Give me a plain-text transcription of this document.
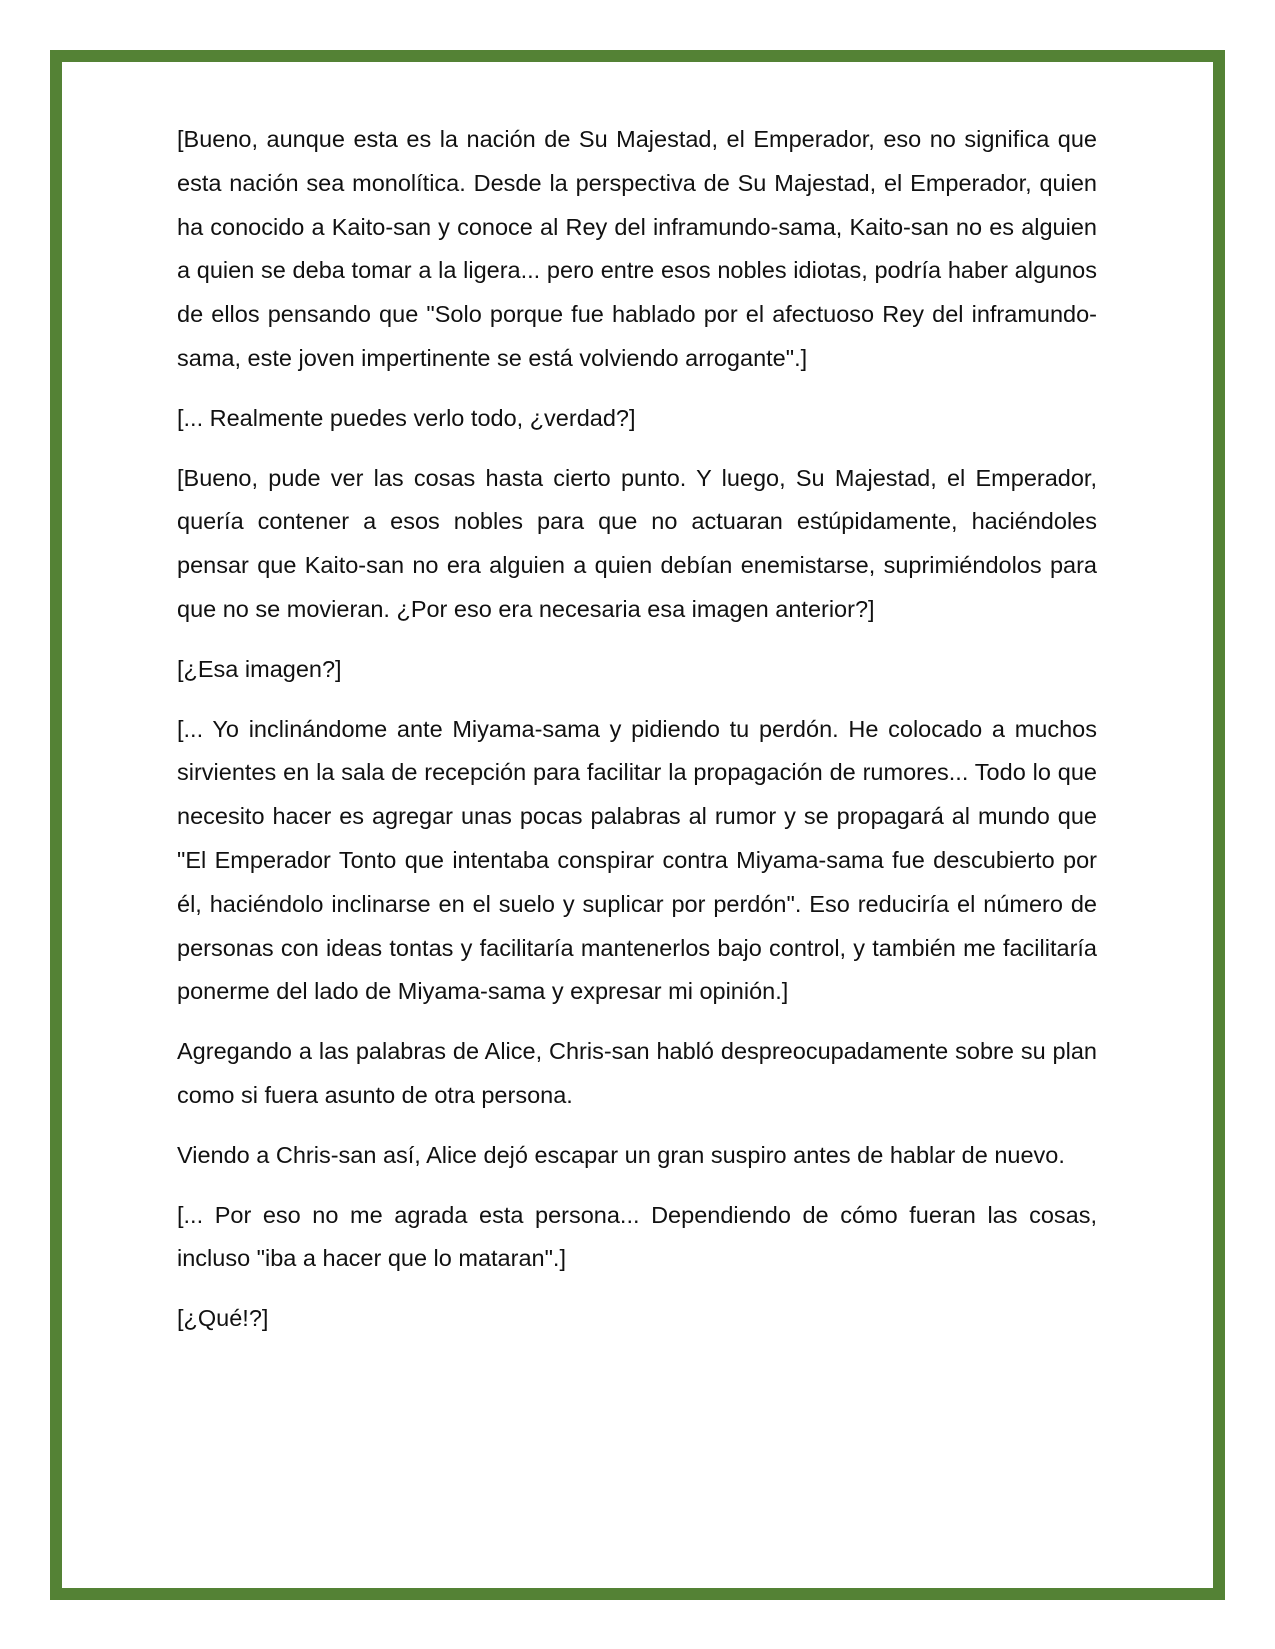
[Bueno, aunque esta es la nación de Su Majestad, el Emperador, eso no significa que esta nación sea monolítica. Desde la perspectiva de Su Majestad, el Emperador, quien ha conocido a Kaito-san y conoce al Rey del inframundo-sama, Kaito-san no es alguien a quien se deba tomar a la ligera... pero entre esos nobles idiotas, podría haber algunos de ellos pensando que "Solo porque fue hablado por el afectuoso Rey del inframundo-sama, este joven impertinente se está volviendo arrogante".]

[... Realmente puedes verlo todo, ¿verdad?]

[Bueno, pude ver las cosas hasta cierto punto. Y luego, Su Majestad, el Emperador, quería contener a esos nobles para que no actuaran estúpidamente, haciéndoles pensar que Kaito-san no era alguien a quien debían enemistarse, suprimiéndolos para que no se movieran. ¿Por eso era necesaria esa imagen anterior?]

[¿Esa imagen?]

[... Yo inclinándome ante Miyama-sama y pidiendo tu perdón. He colocado a muchos sirvientes en la sala de recepción para facilitar la propagación de rumores... Todo lo que necesito hacer es agregar unas pocas palabras al rumor y se propagará al mundo que "El Emperador Tonto que intentaba conspirar contra Miyama-sama fue descubierto por él, haciéndolo inclinarse en el suelo y suplicar por perdón". Eso reduciría el número de personas con ideas tontas y facilitaría mantenerlos bajo control, y también me facilitaría ponerme del lado de Miyama-sama y expresar mi opinión.]

Agregando a las palabras de Alice, Chris-san habló despreocupadamente sobre su plan como si fuera asunto de otra persona.

Viendo a Chris-san así, Alice dejó escapar un gran suspiro antes de hablar de nuevo.

[... Por eso no me agrada esta persona... Dependiendo de cómo fueran las cosas, incluso "iba a hacer que lo mataran".]

[¿Qué!?]
